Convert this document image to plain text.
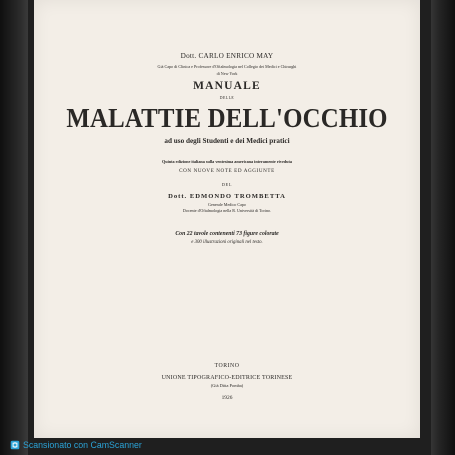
Dott. CARLO ENRICO MAY
Già Capo di Clinica e Professore d'Oftalmologia nel Collegio dei Medici e Chirurghi
di New York
MANUALE
DELLE
MALATTIE DELL'OCCHIO
ad uso degli Studenti e dei Medici pratici
Quinta edizione italiana sulla ventesima americana interamente riveduta
CON NUOVE NOTE ED AGGIUNTE
DEL
Dott. EDMONDO TROMBETTA
Generale Medico Capo
Docente d'Oftalmologia nella R. Università di Torino.
Con 22 tavole contenenti 73 figure colorate
e 300 illustrazioni originali nel testo.
TORINO
UNIONE TIPOGRAFICO-EDITRICE TORINESE
(Già Ditta Pomba)
1926
Scansionato con CamScanner
